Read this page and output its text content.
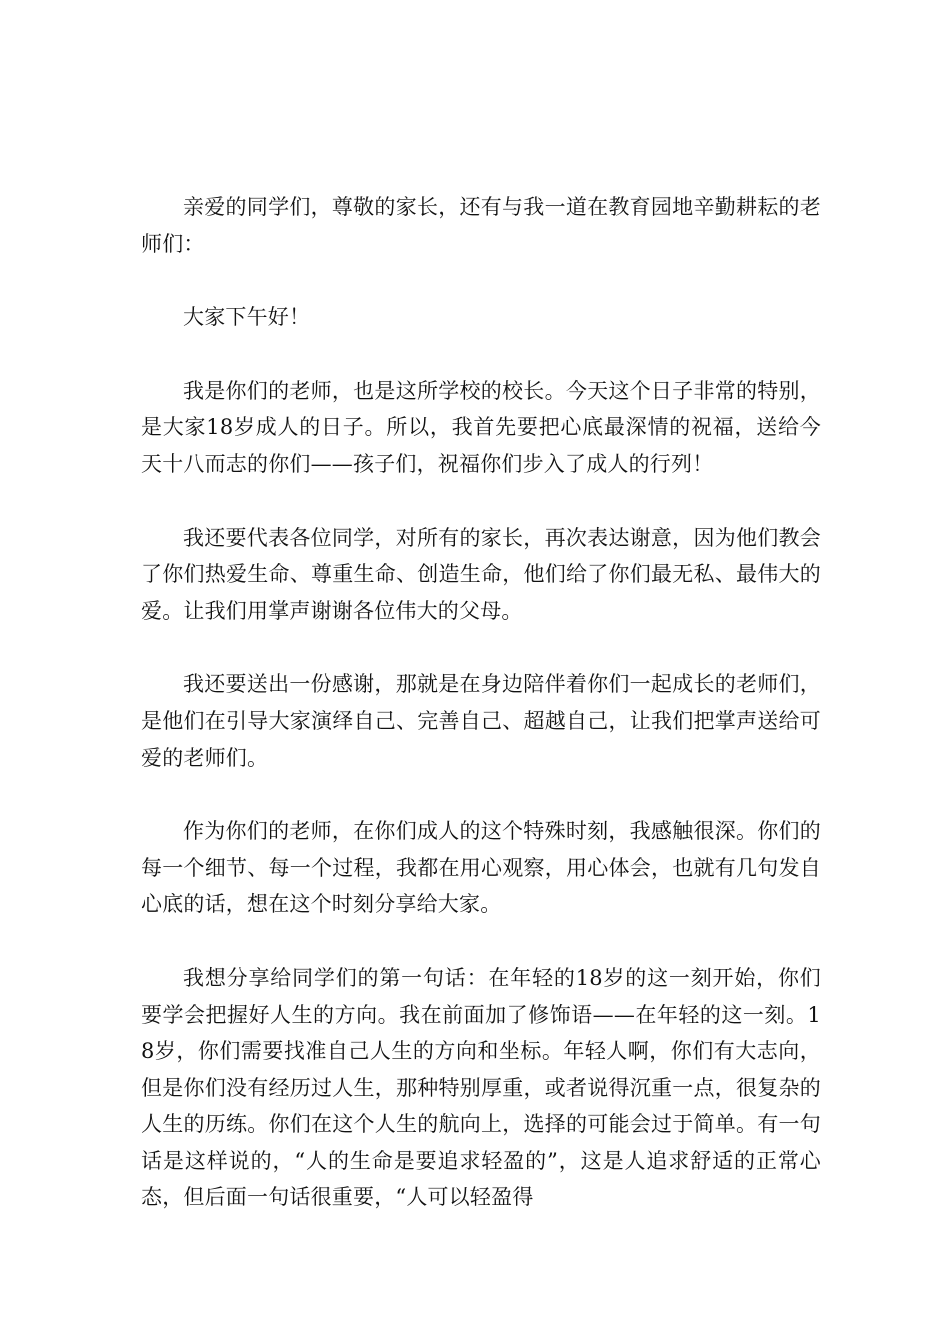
亲爱的同学们，尊敬的家长，还有与我一道在教育园地辛勤耕耘的老师们：

大家下午好！

我是你们的老师，也是这所学校的校长。今天这个日子非常的特别，是大家18岁成人的日子。所以，我首先要把心底最深情的祝福，送给今天十八而志的你们——孩子们，祝福你们步入了成人的行列！

我还要代表各位同学，对所有的家长，再次表达谢意，因为他们教会了你们热爱生命、尊重生命、创造生命，他们给了你们最无私、最伟大的爱。让我们用掌声谢谢各位伟大的父母。

我还要送出一份感谢，那就是在身边陪伴着你们一起成长的老师们，是他们在引导大家演绎自己、完善自己、超越自己，让我们把掌声送给可爱的老师们。

作为你们的老师，在你们成人的这个特殊时刻，我感触很深。你们的每一个细节、每一个过程，我都在用心观察，用心体会，也就有几句发自心底的话，想在这个时刻分享给大家。

我想分享给同学们的第一句话：在年轻的18岁的这一刻开始，你们要学会把握好人生的方向。我在前面加了修饰语——在年轻的这一刻。18岁，你们需要找准自己人生的方向和坐标。年轻人啊，你们有大志向，但是你们没有经历过人生，那种特别厚重，或者说得沉重一点，很复杂的人生的历练。你们在这个人生的航向上，选择的可能会过于简单。有一句话是这样说的，“人的生命是要追求轻盈的”，这是人追求舒适的正常心态，但后面一句话很重要，“人可以轻盈得
